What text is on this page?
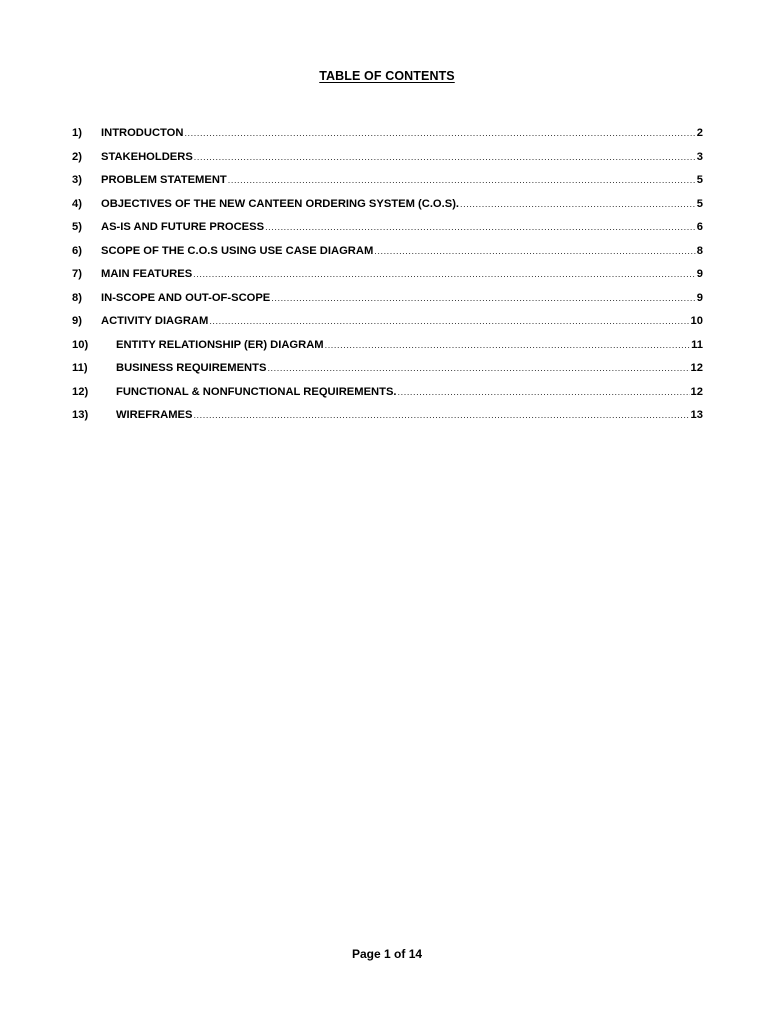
TABLE OF CONTENTS
1)	INTRODUCTON .....	2
2)	STAKEHOLDERS .....	3
3)	PROBLEM STATEMENT .....	5
4)	OBJECTIVES OF THE NEW CANTEEN ORDERING SYSTEM (C.O.S). .....	5
5)	AS-IS AND FUTURE PROCESS .....	6
6)	SCOPE OF THE C.O.S USING USE CASE DIAGRAM .....	8
7)	MAIN FEATURES .....	9
8)	IN-SCOPE AND OUT-OF-SCOPE .....	9
9)	ACTIVITY DIAGRAM .....	10
10)	ENTITY RELATIONSHIP (ER) DIAGRAM .....	11
11)	BUSINESS REQUIREMENTS .....	12
12)	FUNCTIONAL & NONFUNCTIONAL REQUIREMENTS. .....	12
13)	WIREFRAMES .....	13
Page 1 of 14
